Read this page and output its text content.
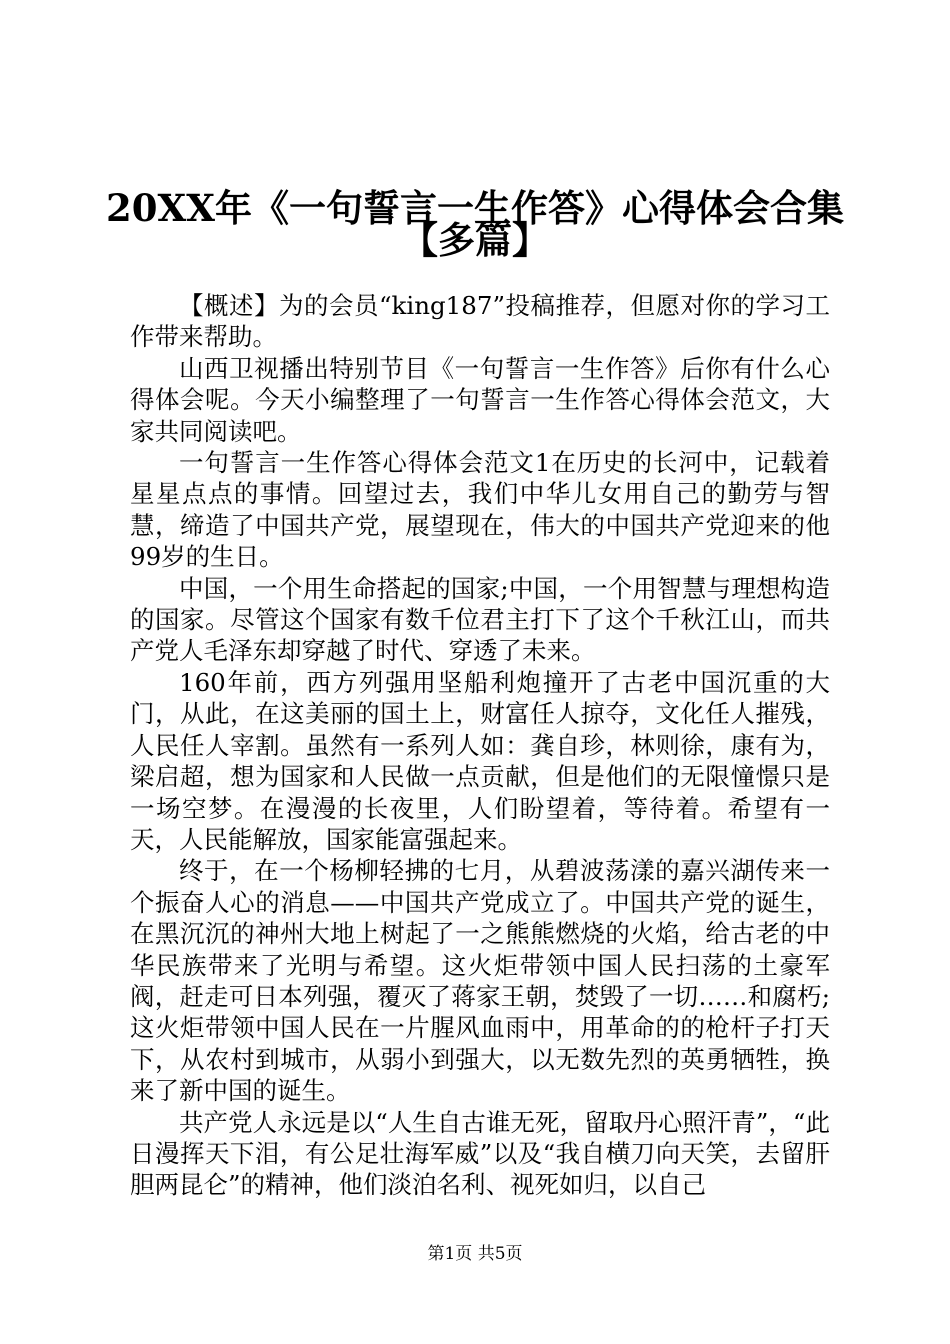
20XX年《一句誓言一生作答》心得体会合集
【多篇】

【概述】为的会员“king187”投稿推荐，但愿对你的学习工作带来帮助。

山西卫视播出特别节目《一句誓言一生作答》后你有什么心得体会呢。今天小编整理了一句誓言一生作答心得体会范文，大家共同阅读吧。

一句誓言一生作答心得体会范文1在历史的长河中，记载着星星点点的事情。回望过去，我们中华儿女用自己的勤劳与智慧，缔造了中国共产党，展望现在，伟大的中国共产党迎来的他99岁的生日。

中国，一个用生命搭起的国家;中国，一个用智慧与理想构造的国家。尽管这个国家有数千位君主打下了这个千秋江山，而共产党人毛泽东却穿越了时代、穿透了未来。

160年前，西方列强用坚船利炮撞开了古老中国沉重的大门，从此，在这美丽的国土上，财富任人掠夺，文化任人摧残，人民任人宰割。虽然有一系列人如：龚自珍，林则徐，康有为，梁启超，想为国家和人民做一点贡献，但是他们的无限憧憬只是一场空梦。在漫漫的长夜里，人们盼望着，等待着。希望有一天，人民能解放，国家能富强起来。

终于，在一个杨柳轻拂的七月，从碧波荡漾的嘉兴湖传来一个振奋人心的消息——中国共产党成立了。中国共产党的诞生，在黑沉沉的神州大地上树起了一之熊熊燃烧的火焰，给古老的中华民族带来了光明与希望。这火炬带领中国人民扫荡的土豪军阀，赶走可日本列强，覆灭了蒋家王朝，焚毁了一切……和腐朽;这火炬带领中国人民在一片腥风血雨中，用革命的的枪杆子打天下，从农村到城市，从弱小到强大，以无数先烈的英勇牺牲，换来了新中国的诞生。

共产党人永远是以“人生自古谁无死，留取丹心照汗青”，“此日漫挥天下泪，有公足壮海军威”以及“我自横刀向天笑，去留肝胆两昆仑”的精神，他们淡泊名利、视死如归，以自己

第1页 共5页
